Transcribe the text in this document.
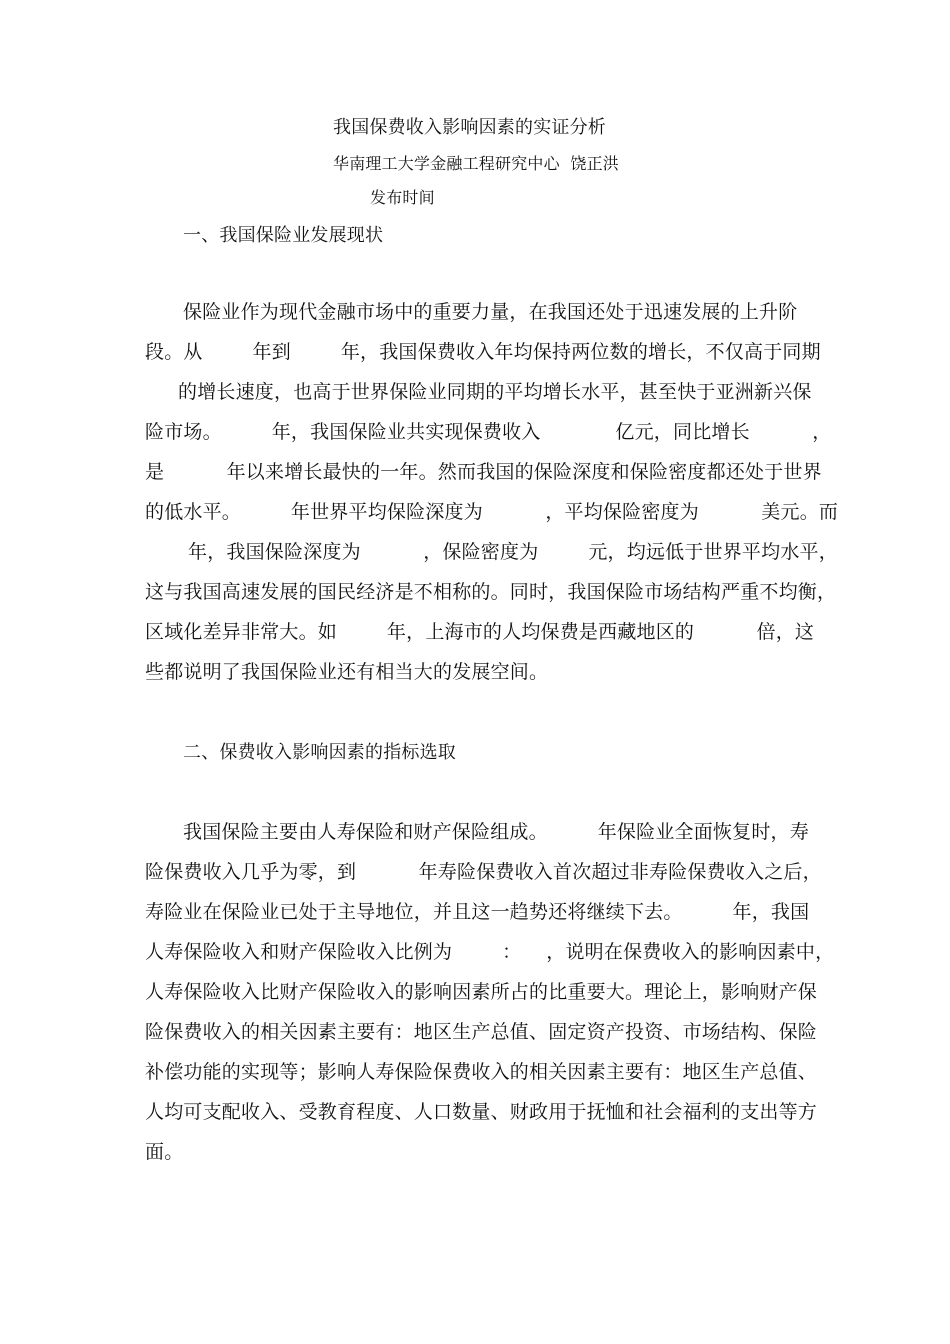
我国保费收入影响因素的实证分析
华南理工大学金融工程研究中心  饶正洪
发布时间
一、我国保险业发展现状
保险业作为现代金融市场中的重要力量，在我国还处于迅速发展的上升阶
段。从        年到        年，我国保费收入年均保持两位数的增长，不仅高于同期
的增长速度，也高于世界保险业同期的平均增长水平，甚至快于亚洲新兴保
险市场。        年，我国保险业共实现保费收入            亿元，同比增长          ，
是          年以来增长最快的一年。然而我国的保险深度和保险密度都还处于世界
的低水平。        年世界平均保险深度为          ，平均保险密度为          美元。而
年，我国保险深度为          ，保险密度为        元，均远低于世界平均水平，
这与我国高速发展的国民经济是不相称的。同时，我国保险市场结构严重不均衡，
区域化差异非常大。如        年，上海市的人均保费是西藏地区的          倍，这
些都说明了我国保险业还有相当大的发展空间。
二、保费收入影响因素的指标选取
我国保险主要由人寿保险和财产保险组成。        年保险业全面恢复时，寿
险保费收入几乎为零，到          年寿险保费收入首次超过非寿险保费收入之后，
寿险业在保险业已处于主导地位，并且这一趋势还将继续下去。        年，我国
人寿保险收入和财产保险收入比例为        ：    ，说明在保费收入的影响因素中，
人寿保险收入比财产保险收入的影响因素所占的比重要大。理论上，影响财产保
险保费收入的相关因素主要有：地区生产总值、固定资产投资、市场结构、保险
补偿功能的实现等；影响人寿保险保费收入的相关因素主要有：地区生产总值、
人均可支配收入、受教育程度、人口数量、财政用于抚恤和社会福利的支出等方
面。
